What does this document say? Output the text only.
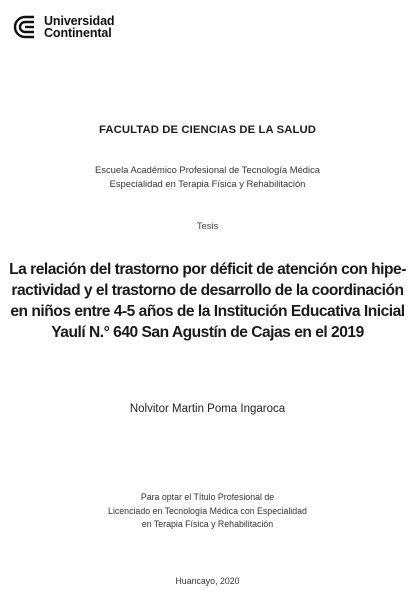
Universidad
Continental
FACULTAD DE CIENCIAS DE LA SALUD
Escuela Académico Profesional de Tecnología Médica
Especialidad en Terapia Física y Rehabilitación
Tesis
La relación del trastorno por déficit de atención con hipe-
ractividad y el trastorno de desarrollo de la coordinación
en niños entre 4-5 años de la Institución Educativa Inicial
Yaulí N.° 640 San Agustín de Cajas en el 2019
Nolvitor Martin Poma Ingaroca
Para optar el Título Profesional de
Licenciado en Tecnología Médica con Especialidad
en Terapia Física y Rehabilitación
Huancayo, 2020
